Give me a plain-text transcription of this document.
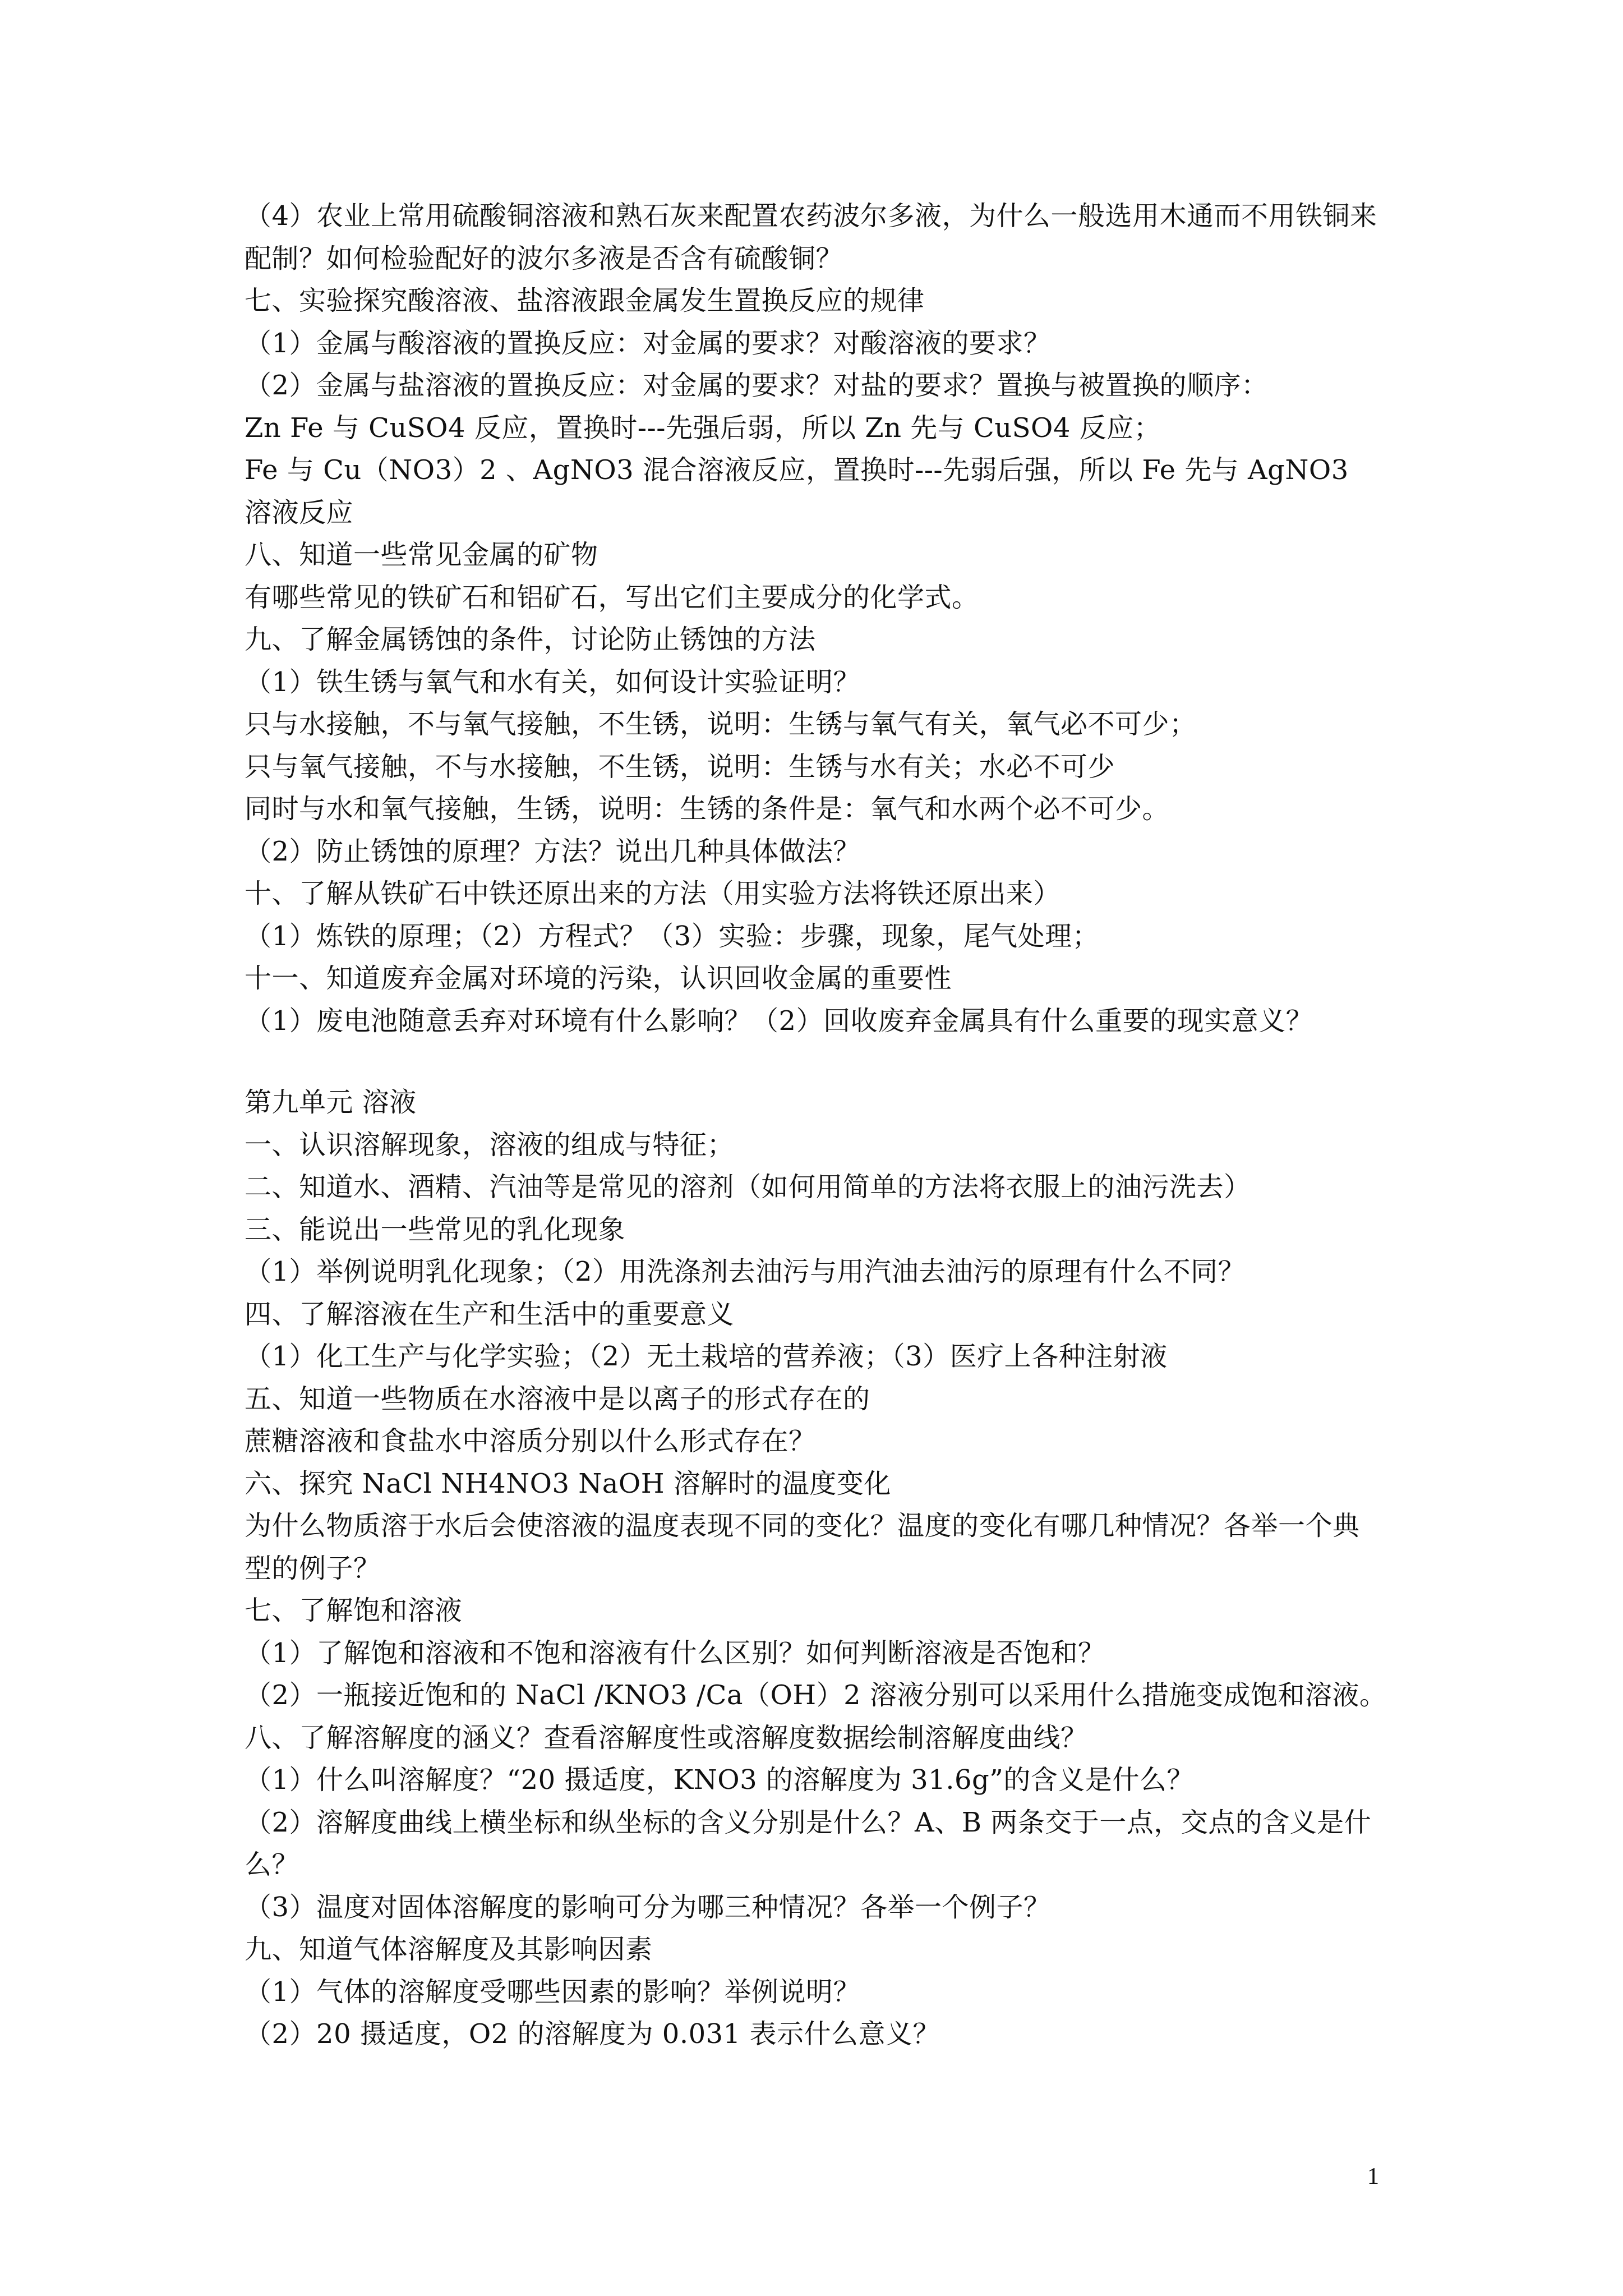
（4）农业上常用硫酸铜溶液和熟石灰来配置农药波尔多液，为什么一般选用木通而不用铁铜来配制？如何检验配好的波尔多液是否含有硫酸铜？
七、实验探究酸溶液、盐溶液跟金属发生置换反应的规律
（1）金属与酸溶液的置换反应：对金属的要求？对酸溶液的要求？
（2）金属与盐溶液的置换反应：对金属的要求？对盐的要求？置换与被置换的顺序：
Zn Fe 与 CuSO4 反应，置换时---先强后弱，所以 Zn 先与 CuSO4 反应；
Fe 与 Cu（NO3）2 、AgNO3 混合溶液反应，置换时---先弱后强，所以 Fe 先与 AgNO3 溶液反应
八、知道一些常见金属的矿物
有哪些常见的铁矿石和铝矿石，写出它们主要成分的化学式。
九、了解金属锈蚀的条件，讨论防止锈蚀的方法
（1）铁生锈与氧气和水有关，如何设计实验证明？
只与水接触，不与氧气接触，不生锈，说明：生锈与氧气有关，氧气必不可少；
只与氧气接触，不与水接触，不生锈，说明：生锈与水有关；水必不可少
同时与水和氧气接触，生锈，说明：生锈的条件是：氧气和水两个必不可少。
（2）防止锈蚀的原理？方法？说出几种具体做法？
十、了解从铁矿石中铁还原出来的方法（用实验方法将铁还原出来）
（1）炼铁的原理；（2）方程式？（3）实验：步骤，现象，尾气处理；
十一、知道废弃金属对环境的污染，认识回收金属的重要性
（1）废电池随意丢弃对环境有什么影响？（2）回收废弃金属具有什么重要的现实意义？
第九单元 溶液
一、认识溶解现象，溶液的组成与特征；
二、知道水、酒精、汽油等是常见的溶剂（如何用简单的方法将衣服上的油污洗去）
三、能说出一些常见的乳化现象
（1）举例说明乳化现象；（2）用洗涤剂去油污与用汽油去油污的原理有什么不同？
四、了解溶液在生产和生活中的重要意义
（1）化工生产与化学实验；（2）无土栽培的营养液；（3）医疗上各种注射液
五、知道一些物质在水溶液中是以离子的形式存在的
蔗糖溶液和食盐水中溶质分别以什么形式存在？
六、探究 NaCl NH4NO3 NaOH 溶解时的温度变化
为什么物质溶于水后会使溶液的温度表现不同的变化？温度的变化有哪几种情况？各举一个典型的例子？
七、了解饱和溶液
（1）了解饱和溶液和不饱和溶液有什么区别？如何判断溶液是否饱和？
（2）一瓶接近饱和的 NaCl /KNO3 /Ca（OH）2 溶液分别可以采用什么措施变成饱和溶液。
八、了解溶解度的涵义？查看溶解度性或溶解度数据绘制溶解度曲线？
（1）什么叫溶解度？“20 摄适度，KNO3 的溶解度为 31.6g”的含义是什么？
（2）溶解度曲线上横坐标和纵坐标的含义分别是什么？A、B 两条交于一点，交点的含义是什么？
（3）温度对固体溶解度的影响可分为哪三种情况？各举一个例子？
九、知道气体溶解度及其影响因素
（1）气体的溶解度受哪些因素的影响？举例说明？
（2）20 摄适度，O2 的溶解度为 0.031 表示什么意义？
1
